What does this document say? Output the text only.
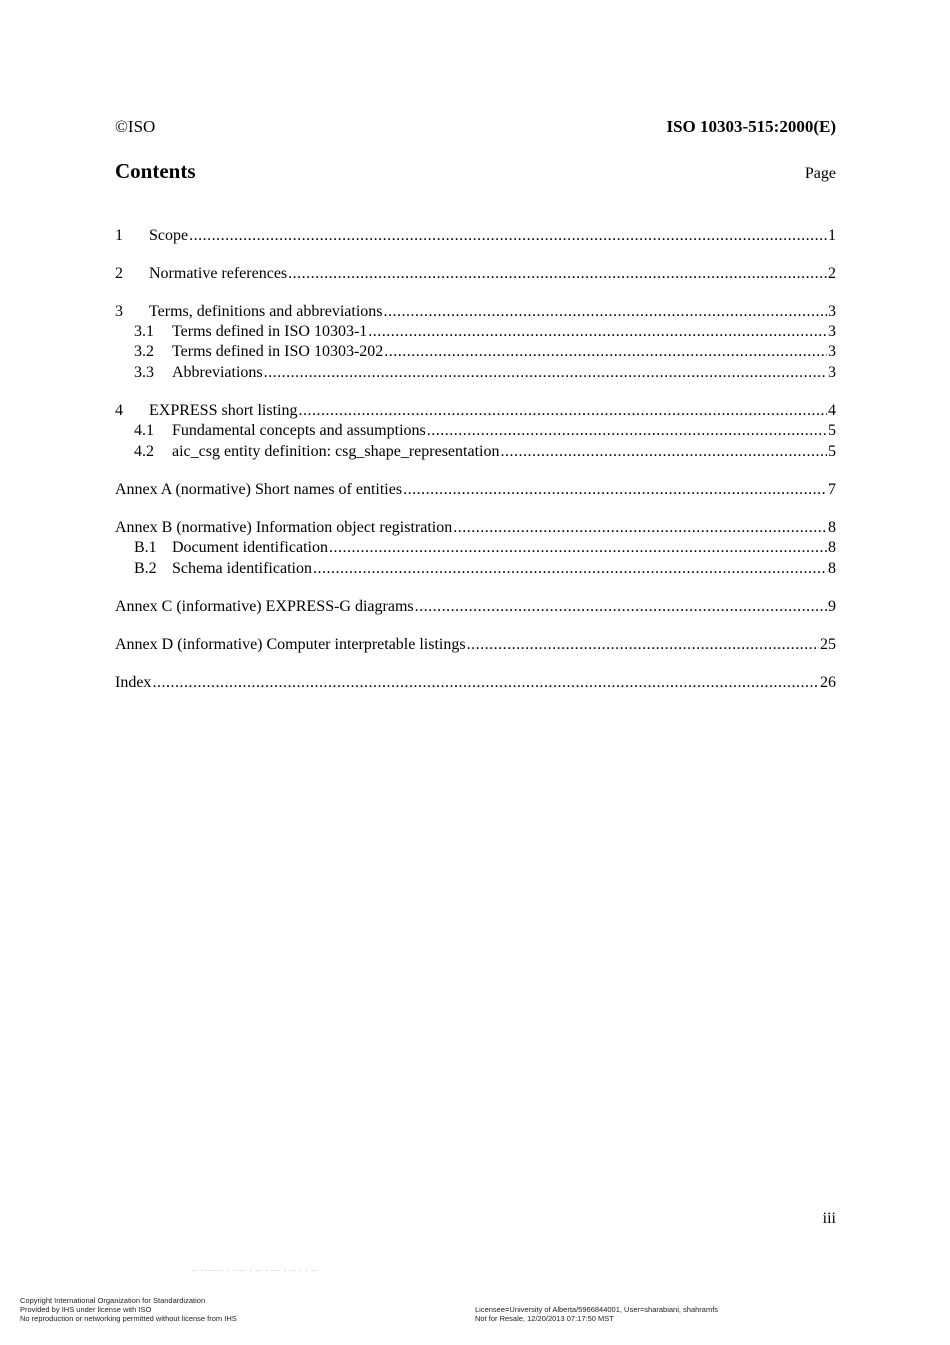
©ISO	ISO 10303-515:2000(E)
Contents	Page
1	Scope .....	1
2	Normative references .....	2
3	Terms, definitions and abbreviations .....	3
3.1	Terms defined in ISO 10303-1 .....	3
3.2	Terms defined in ISO 10303-202 .....	3
3.3	Abbreviations .....	3
4	EXPRESS short listing .....	4
4.1	Fundamental concepts and assumptions .....	5
4.2	aic_csg entity definition: csg_shape_representation .....	5
Annex A (normative) Short names of entities .....	7
Annex B (normative) Information object registration .....	8
B.1 Document identification .....	8
B.2 Schema identification .....	8
Annex C (informative) EXPRESS-G diagrams .....	9
Annex D (informative) Computer interpretable listings .....	25
Index .....	26
iii
-- ------- - ---- - -- - --- - -- - - --
Copyright International Organization for Standardization
Provided by IHS under license with ISO
No reproduction or networking permitted without license from IHS
Licensee=University of Alberta/5966844001, User=sharabiani, shahramfs
Not for Resale, 12/20/2013 07:17:50 MST
